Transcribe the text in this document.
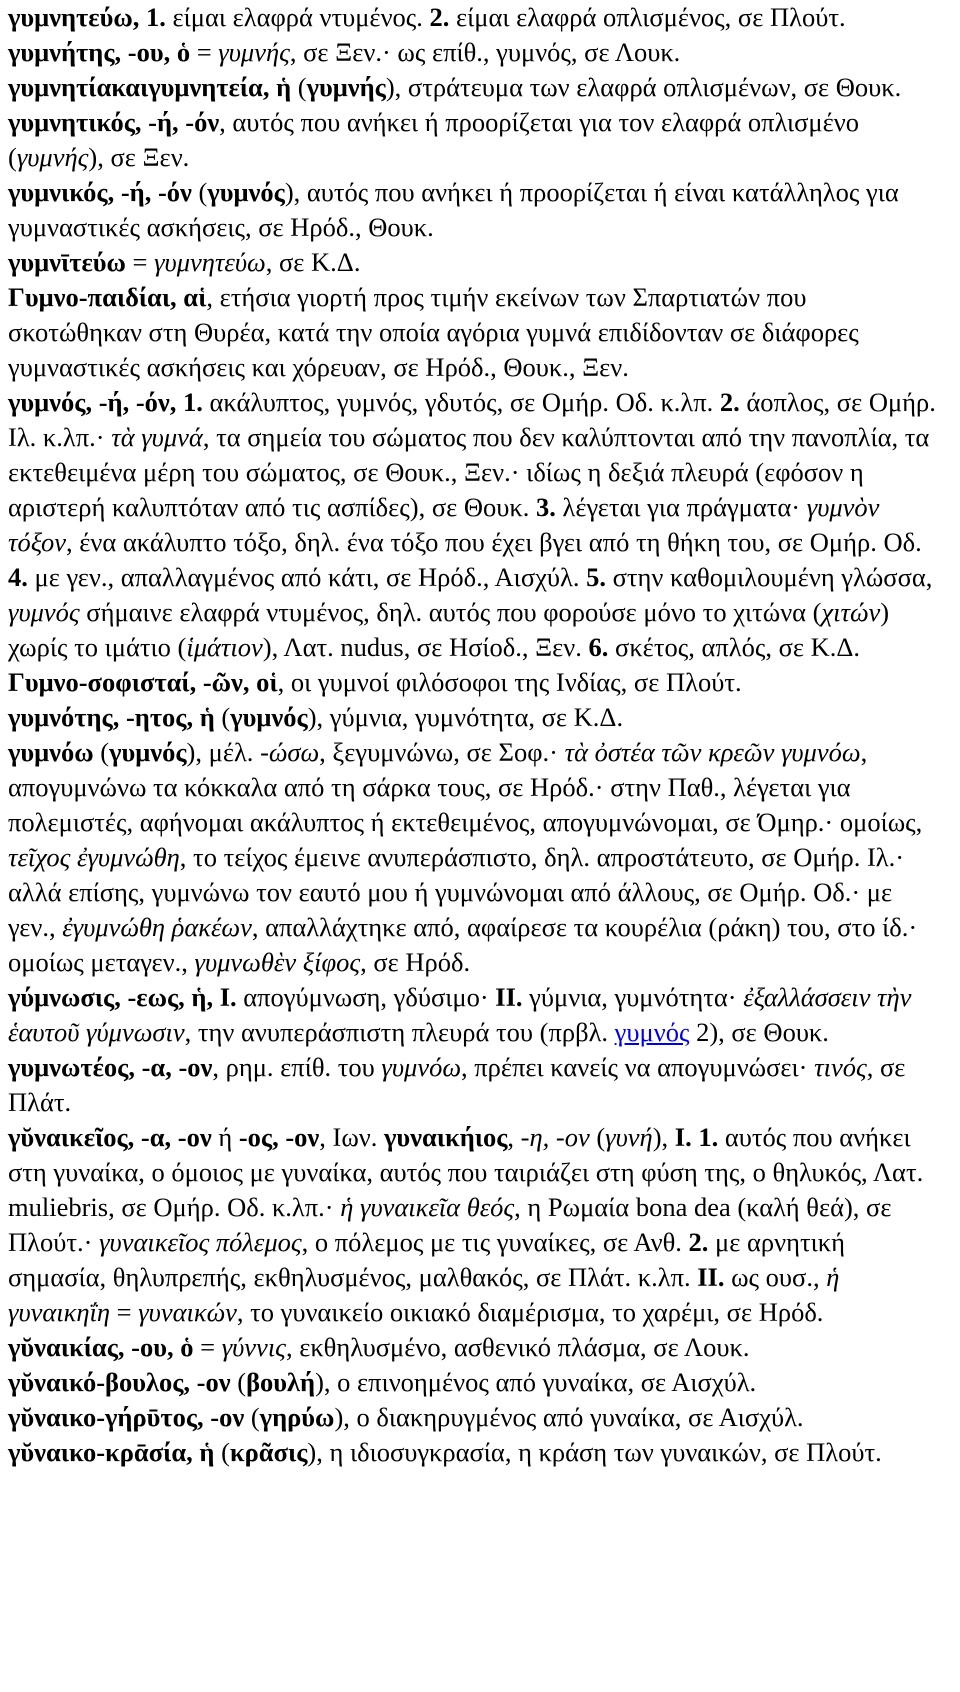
γυμνητεύω, 1. είμαι ελαφρά ντυμένος. 2. είμαι ελαφρά οπλισμένος, σε Πλούτ.

γυμνήτης, -ου, ὁ = γυμνής, σε Ξεν.· ως επίθ., γυμνός, σε Λουκ.

γυμνητίακαιγυμνητεία, ἡ (γυμνής), στράτευμα των ελαφρά οπλισμένων, σε Θουκ.

γυμνητικός, -ή, -όν, αυτός που ανήκει ή προορίζεται για τον ελαφρά οπλισμένο (γυμνής), σε Ξεν.

γυμνικός, -ή, -όν (γυμνός), αυτός που ανήκει ή προορίζεται ή είναι κατάλληλος για γυμναστικές ασκήσεις, σε Ηρόδ., Θουκ.

γυμνῑτεύω = γυμνητεύω, σε Κ.Δ.

Γυμνο-παιδίαι, αἱ, ετήσια γιορτή προς τιμήν εκείνων των Σπαρτιατών που σκοτώθηκαν στη Θυρέα, κατά την οποία αγόρια γυμνά επιδίδονταν σε διάφορες γυμναστικές ασκήσεις και χόρευαν, σε Ηρόδ., Θουκ., Ξεν.

γυμνός, -ή, -όν, 1. ακάλυπτος, γυμνός, γδυτός, σε Ομήρ. Οδ. κ.λπ. 2. άοπλος, σε Ομήρ. Ιλ. κ.λπ.· τὰ γυμνά, τα σημεία του σώματος που δεν καλύπτονται από την πανοπλία, τα εκτεθειμένα μέρη του σώματος, σε Θουκ., Ξεν.· ιδίως η δεξιά πλευρά (εφόσον η αριστερή καλυπτόταν από τις ασπίδες), σε Θουκ. 3. λέγεται για πράγματα· γυμνὸν τόξον, ένα ακάλυπτο τόξο, δηλ. ένα τόξο που έχει βγει από τη θήκη του, σε Ομήρ. Οδ. 4. με γεν., απαλλαγμένος από κάτι, σε Ηρόδ., Αισχύλ. 5. στην καθομιλουμένη γλώσσα, γυμνός σήμαινε ελαφρά ντυμένος, δηλ. αυτός που φορούσε μόνο το χιτώνα (χιτών) χωρίς το ιμάτιο (ἱμάτιον), Λατ. nudus, σε Ησίοδ., Ξεν. 6. σκέτος, απλός, σε Κ.Δ.

Γυμνο-σοφισταί, -ῶν, οἱ, οι γυμνοί φιλόσοφοι της Ινδίας, σε Πλούτ.

γυμνότης, -ητος, ἡ (γυμνός), γύμνια, γυμνότητα, σε Κ.Δ.

γυμνόω (γυμνός), μέλ. -ώσω, ξεγυμνώνω, σε Σοφ.· τὰ ὀστέα τῶν κρεῶν γυμνόω, απογυμνώνω τα κόκκαλα από τη σάρκα τους, σε Ηρόδ.· στην Παθ., λέγεται για πολεμιστές, αφήνομαι ακάλυπτος ή εκτεθειμένος, απογυμνώνομαι, σε Όμηρ.· ομοίως, τεῖχος ἐγυμνώθη, το τείχος έμεινε ανυπεράσπιστο, δηλ. απροστάτευτο, σε Ομήρ. Ιλ.· αλλά επίσης, γυμνώνω τον εαυτό μου ή γυμνώνομαι από άλλους, σε Ομήρ. Οδ.· με γεν., ἐγυμνώθη ῥακέων, απαλλάχτηκε από, αφαίρεσε τα κουρέλια (ράκη) του, στο ίδ.· ομοίως μεταγεν., γυμνωθὲν ξίφος, σε Ηρόδ.

γύμνωσις, -εως, ἡ, Ι. απογύμνωση, γδύσιμο· ΙΙ. γύμνια, γυμνότητα· ἐξαλλάσσειν τὴν ἑαυτοῦ γύμνωσιν, την ανυπεράσπιστη πλευρά του (πρβλ. γυμνός 2), σε Θουκ.

γυμνωτέος, -α, -ον, ρημ. επίθ. του γυμνόω, πρέπει κανείς να απογυμνώσει· τινός, σε Πλάτ.

γῠναικεῖος, -α, -ον ή -ος, -ον, Ιων. γυναικήιος, -η, -ον (γυνή), Ι. 1. αυτός που ανήκει στη γυναίκα, ο όμοιος με γυναίκα, αυτός που ταιριάζει στη φύση της, ο θηλυκός, Λατ. muliebris, σε Ομήρ. Οδ. κ.λπ.· ἡ γυναικεῖα θεός, η Ρωμαία bona dea (καλή θεά), σε Πλούτ.· γυναικεῖος πόλεμος, ο πόλεμος με τις γυναίκες, σε Ανθ. 2. με αρνητική σημασία, θηλυπρεπής, εκθηλυσμένος, μαλθακός, σε Πλάτ. κ.λπ. ΙΙ. ως ουσ., ἡ γυναικηΐη = γυναικών, το γυναικείο οικιακό διαμέρισμα, το χαρέμι, σε Ηρόδ.

γῠναικίας, -ου, ὁ = γύννις, εκθηλυσμένο, ασθενικό πλάσμα, σε Λουκ.

γῠναικό-βουλος, -ον (βουλή), ο επινοημένος από γυναίκα, σε Αισχύλ.

γῠναικο-γήρῡτος, -ον (γηρύω), ο διακηρυγμένος από γυναίκα, σε Αισχύλ.

γῠναικο-κρᾱσία, ἡ (κρᾶσις), η ιδιοσυγκρασία, η κράση των γυναικών, σε Πλούτ.
